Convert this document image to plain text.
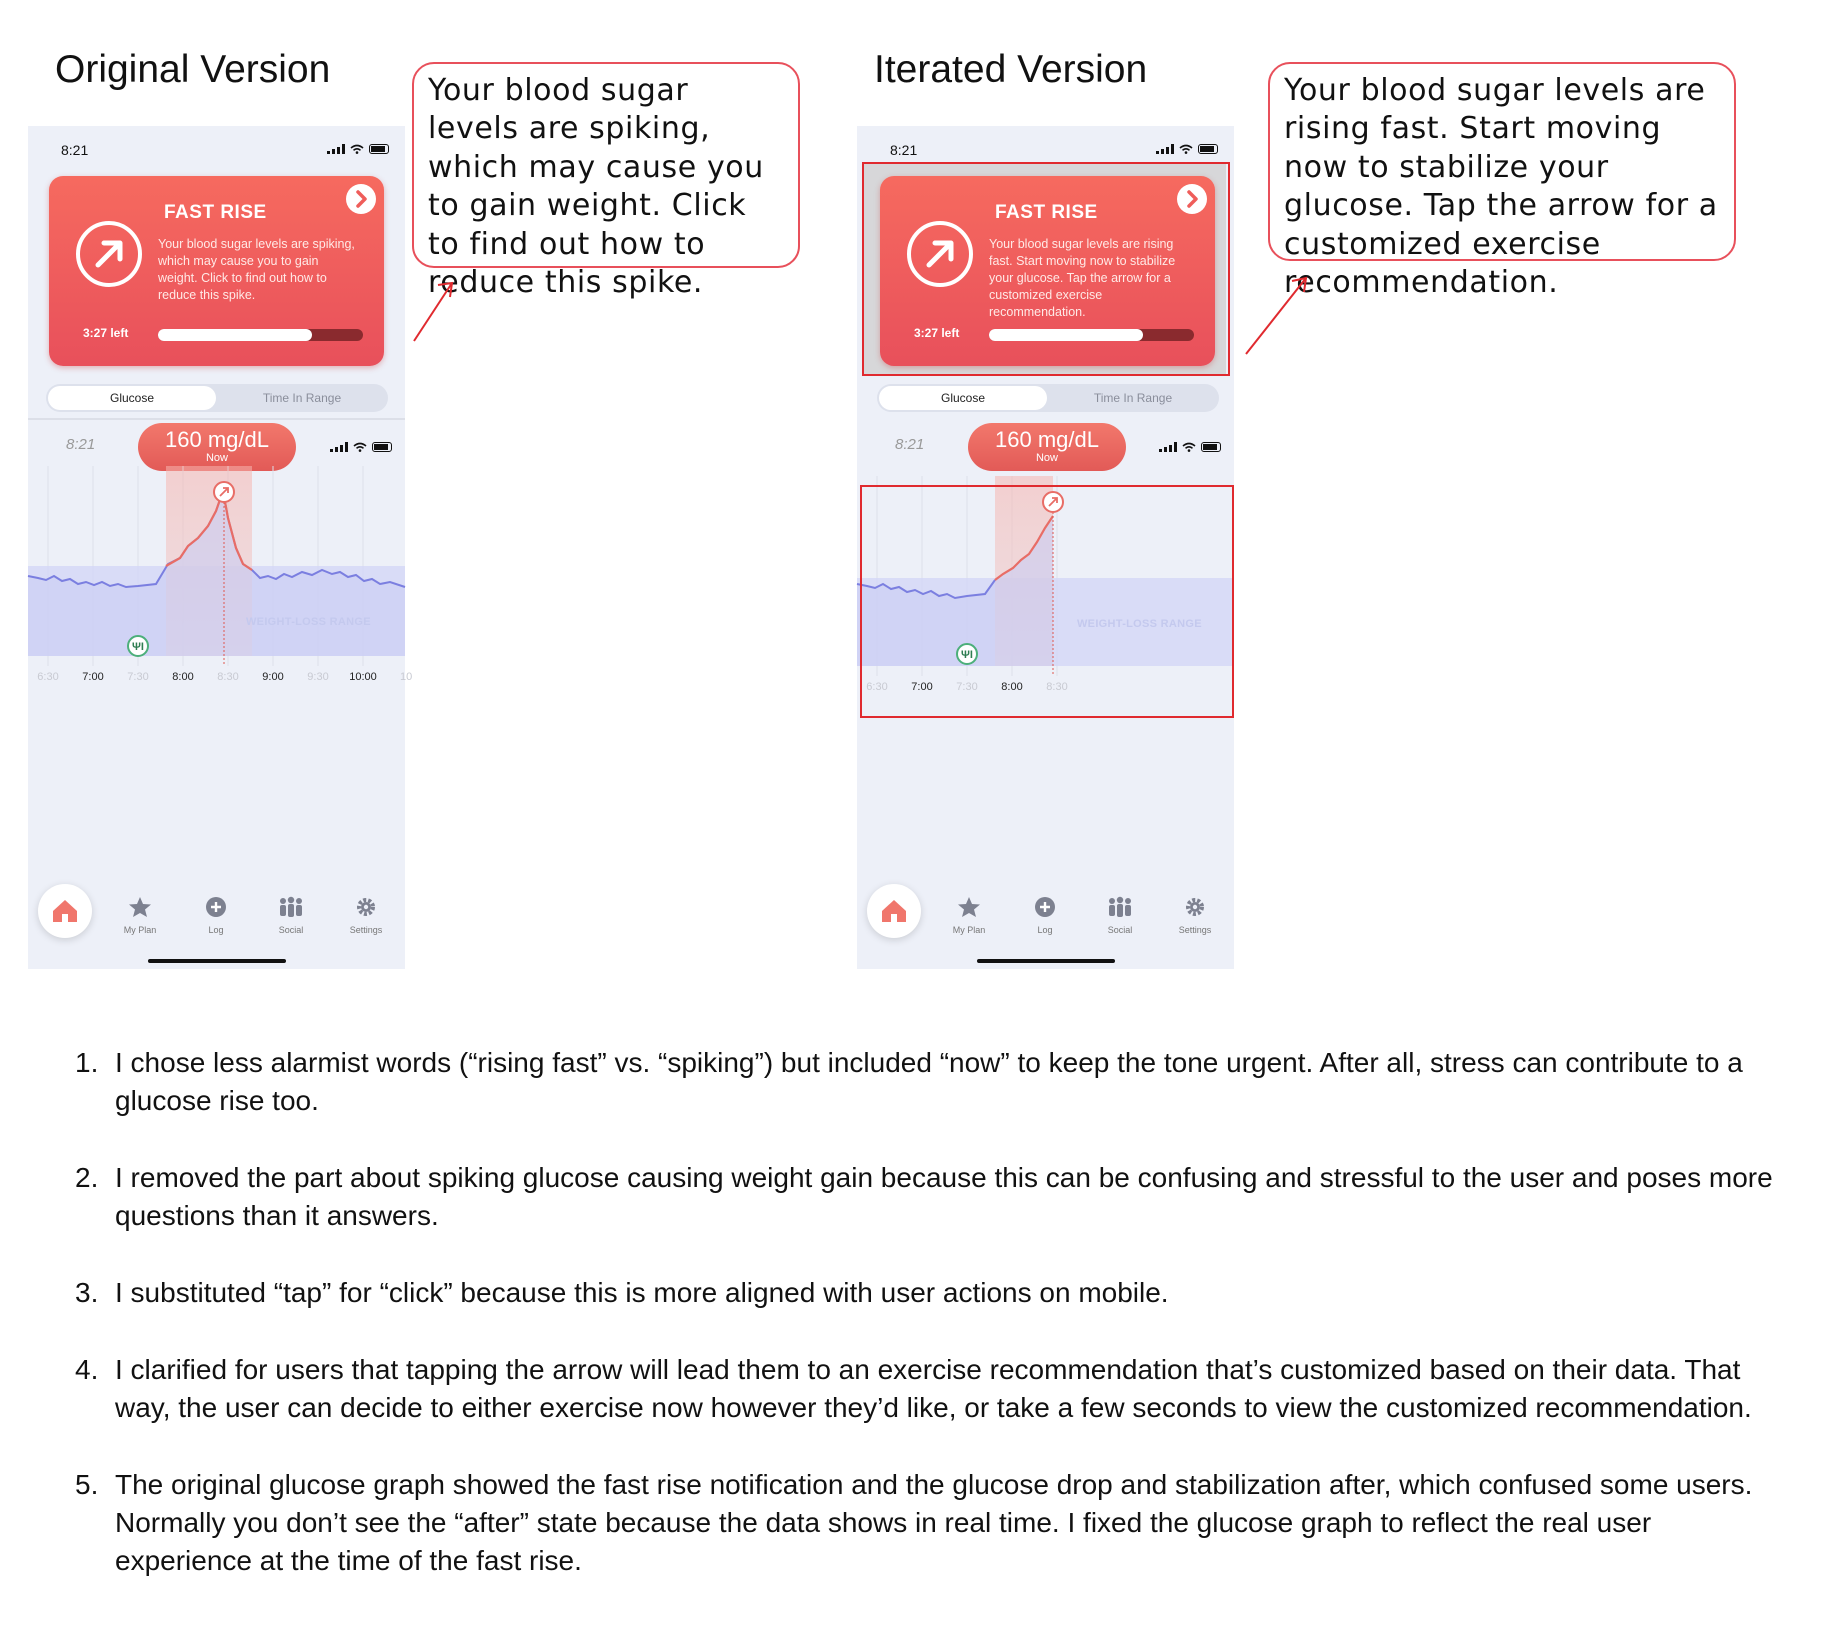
Original Version	Your blood sugar levels are spiking, which may cause you to gain weight. Click to find out how to reduce this spike.
8:21
FAST RISE
Your blood sugar levels are spiking, which may cause you to gain weight. Click to find out how to reduce this spike.
3:27 left
Glucose	Time In Range
8:21	160 mg/dL
Now
ΨI
WEIGHT-LOSS RANGE
6:30 7:00 7:30 8:00 8:30 9:00 9:30 10:00 10
My Plan	Log	Social	Settings
Iterated Version	Your blood sugar levels are rising fast. Start moving now to stabilize your glucose. Tap the arrow for a customized exercise recommendation.
8:21
FAST RISE
Your blood sugar levels are rising fast. Start moving now to stabilize your glucose. Tap the arrow for a customized exercise recommendation.
3:27 left
Glucose	Time In Range
8:21	160 mg/dL
Now
ΨI
WEIGHT-LOSS RANGE
6:30 7:00 7:30 8:00 8:30
My Plan	Log	Social	Settings
1. I chose less alarmist words (“rising fast” vs. “spiking”) but included “now” to keep the tone urgent. After all, stress can contribute to a glucose rise too.
2. I removed the part about spiking glucose causing weight gain because this can be confusing and stressful to the user and poses more questions than it answers.
3. I substituted “tap” for “click” because this is more aligned with user actions on mobile.
4. I clarified for users that tapping the arrow will lead them to an exercise recommendation that’s customized based on their data. That way, the user can decide to either exercise now however they’d like, or take a few seconds to view the customized recommendation.
5. The original glucose graph showed the fast rise notification and the glucose drop and stabilization after, which confused some users. Normally you don’t see the “after” state because the data shows in real time. I fixed the glucose graph to reflect the real user experience at the time of the fast rise.
